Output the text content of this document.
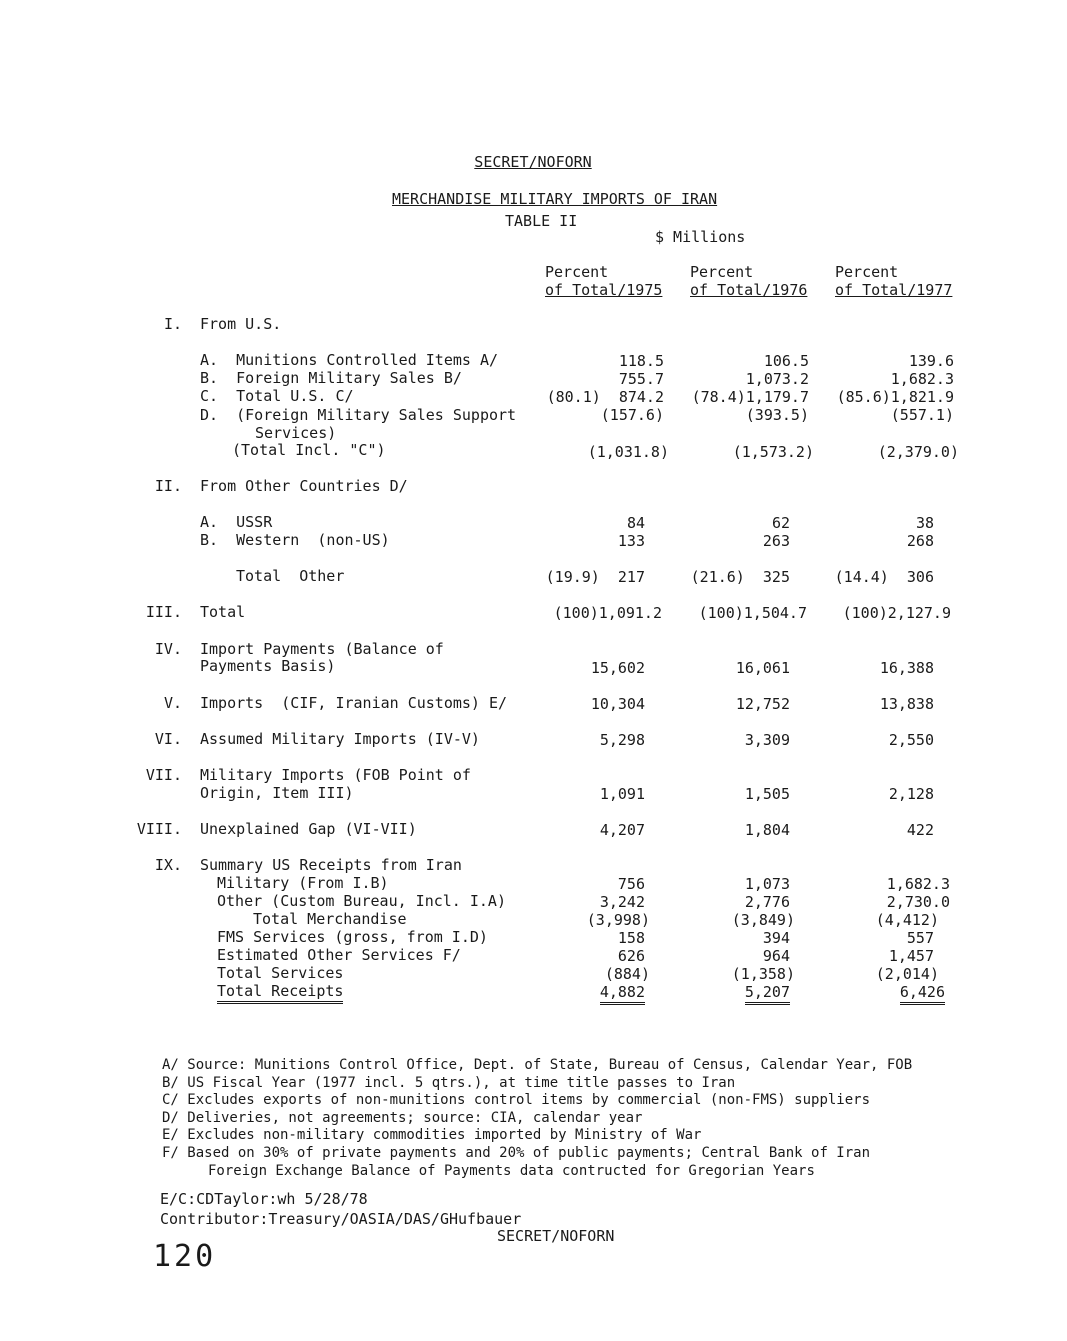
SECRET/NOFORN
MERCHANDISE MILITARY IMPORTS OF IRAN
TABLE II
$ Millions
Percent
of Total/1975
Percent
of Total/1976
Percent
of Total/1977
I. From U.S.
A.  Munitions Controlled Items A/	118.5	106.5	139.6
B.  Foreign Military Sales B/	755.7	1,073.2	1,682.3
C.  Total U.S. C/	(80.1)  874.2	(78.4)1,179.7	(85.6)1,821.9
D.  (Foreign Military Sales Support	(157.6)	(393.5)	(557.1)
Services)
(Total Incl. "C")	(1,031.8)	(1,573.2)	(2,379.0)
II. From Other Countries D/
A.  USSR	84	62	38
B.  Western  (non-US)	133	263	268
Total  Other	(19.9)  217	(21.6)  325	(14.4)  306
III. Total	(100)1,091.2	(100)1,504.7	(100)2,127.9
IV. Import Payments (Balance of
Payments Basis)	15,602	16,061	16,388
V. Imports  (CIF, Iranian Customs) E/	10,304	12,752	13,838
VI. Assumed Military Imports (IV-V)	5,298	3,309	2,550
VII. Military Imports (FOB Point of
Origin, Item III)	1,091	1,505	2,128
VIII. Unexplained Gap (VI-VII)	4,207	1,804	422
IX. Summary US Receipts from Iran
Military (From I.B)	756	1,073	1,682.3
Other (Custom Bureau, Incl. I.A)	3,242	2,776	2,730.0
Total Merchandise	(3,998)	(3,849)	(4,412)
FMS Services (gross, from I.D)	158	394	557
Estimated Other Services F/	626	964	1,457
Total Services	(884)	(1,358)	(2,014)
Total Receipts	4,882	5,207	6,426
A/ Source: Munitions Control Office, Dept. of State, Bureau of Census, Calendar Year, FOB
B/ US Fiscal Year (1977 incl. 5 qtrs.), at time title passes to Iran
C/ Excludes exports of non-munitions control items by commercial (non-FMS) suppliers
D/ Deliveries, not agreements; source: CIA, calendar year
E/ Excludes non-military commodities imported by Ministry of War
F/ Based on 30% of private payments and 20% of public payments; Central Bank of Iran
Foreign Exchange Balance of Payments data contructed for Gregorian Years
E/C:CDTaylor:wh 5/28/78
Contributor:Treasury/OASIA/DAS/GHufbauer
SECRET/NOFORN
120
